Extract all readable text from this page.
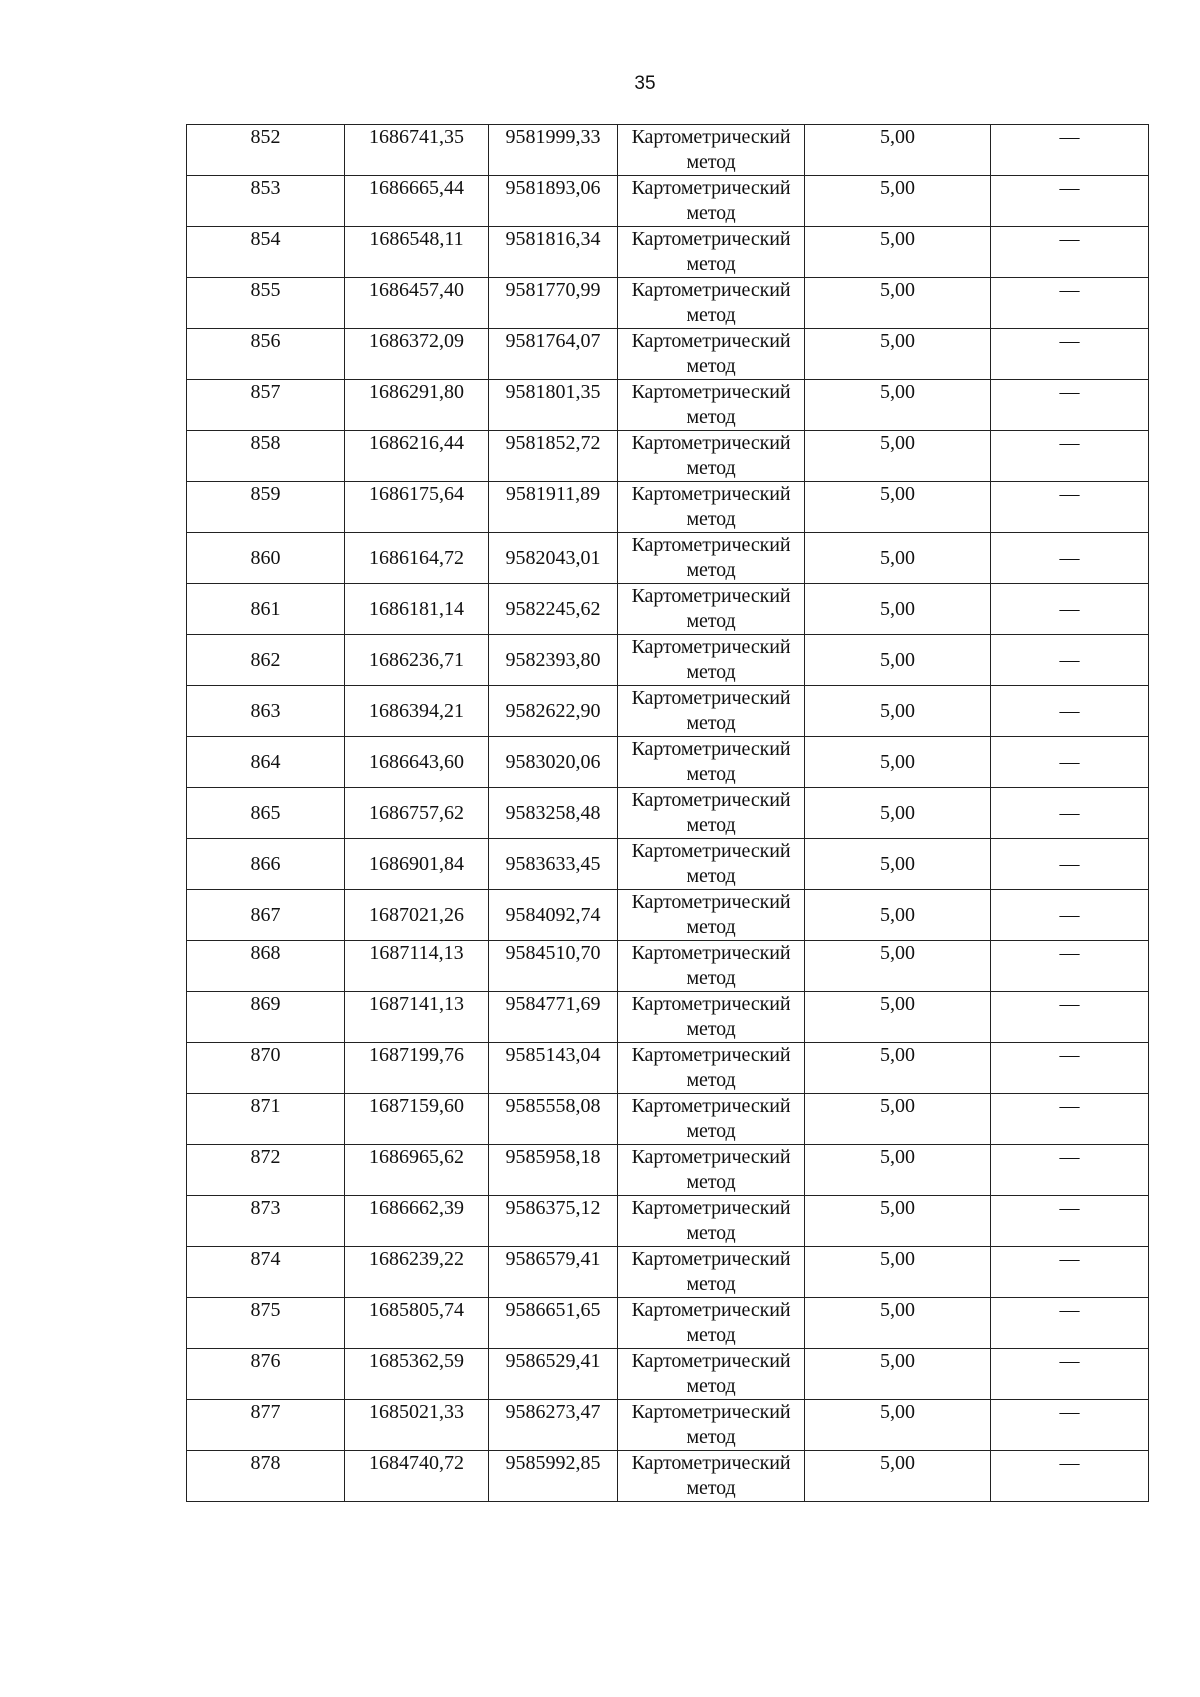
35
852	1686741,35	9581999,33	Картометрический метод	5,00	—
853	1686665,44	9581893,06	Картометрический метод	5,00	—
854	1686548,11	9581816,34	Картометрический метод	5,00	—
855	1686457,40	9581770,99	Картометрический метод	5,00	—
856	1686372,09	9581764,07	Картометрический метод	5,00	—
857	1686291,80	9581801,35	Картометрический метод	5,00	—
858	1686216,44	9581852,72	Картометрический метод	5,00	—
859	1686175,64	9581911,89	Картометрический метод	5,00	—
860	1686164,72	9582043,01	Картометрический метод	5,00	—
861	1686181,14	9582245,62	Картометрический метод	5,00	—
862	1686236,71	9582393,80	Картометрический метод	5,00	—
863	1686394,21	9582622,90	Картометрический метод	5,00	—
864	1686643,60	9583020,06	Картометрический метод	5,00	—
865	1686757,62	9583258,48	Картометрический метод	5,00	—
866	1686901,84	9583633,45	Картометрический метод	5,00	—
867	1687021,26	9584092,74	Картометрический метод	5,00	—
868	1687114,13	9584510,70	Картометрический метод	5,00	—
869	1687141,13	9584771,69	Картометрический метод	5,00	—
870	1687199,76	9585143,04	Картометрический метод	5,00	—
871	1687159,60	9585558,08	Картометрический метод	5,00	—
872	1686965,62	9585958,18	Картометрический метод	5,00	—
873	1686662,39	9586375,12	Картометрический метод	5,00	—
874	1686239,22	9586579,41	Картометрический метод	5,00	—
875	1685805,74	9586651,65	Картометрический метод	5,00	—
876	1685362,59	9586529,41	Картометрический метод	5,00	—
877	1685021,33	9586273,47	Картометрический метод	5,00	—
878	1684740,72	9585992,85	Картометрический метод	5,00	—
